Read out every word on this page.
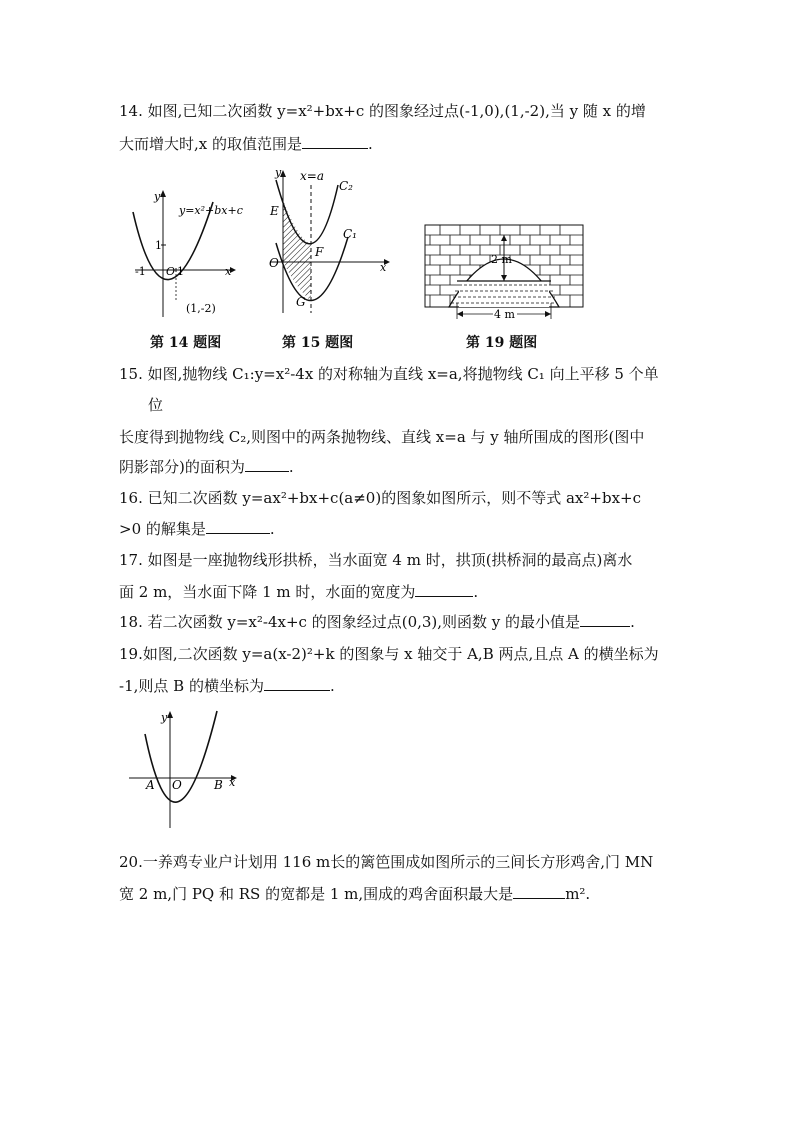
14. 如图,已知二次函数 y=x²+bx+c 的图象经过点(-1,0),(1,-2),当 y 随 x 的增
大而增大时,x 的取值范围是	.
y
y=x²+bx+c
-1 O 1
1
x
(1,-2)
y x=a
C₂
C₁
E
O
F
G
x
2 m
4 m
第 14 题图	第 15 题图	第 19 题图
15. 如图,抛物线 C₁:y=x²-4x 的对称轴为直线 x=a,将抛物线 C₁ 向上平移 5 个单
位
长度得到抛物线 C₂,则图中的两条抛物线、直线 x=a 与 y 轴所围成的图形(图中
阴影部分)的面积为	.
16. 已知二次函数 y=ax²+bx+c(a≠0)的图象如图所示，则不等式 ax²+bx+c
>0 的解集是	.
17. 如图是一座抛物线形拱桥，当水面宽 4 m 时，拱顶(拱桥洞的最高点)离水
面 2 m，当水面下降 1 m 时，水面的宽度为	.
18. 若二次函数 y=x²-4x+c 的图象经过点(0,3),则函数 y 的最小值是	.
19.如图,二次函数 y=a(x-2)²+k 的图象与 x 轴交于 A,B 两点,且点 A 的横坐标为
-1,则点 B 的横坐标为	.
y
A O	B x
20.一养鸡专业户计划用 116 m长的篱笆围成如图所示的三间长方形鸡舍,门 MN
宽 2 m,门 PQ 和 RS 的宽都是 1 m,围成的鸡舍面积最大是	m².
